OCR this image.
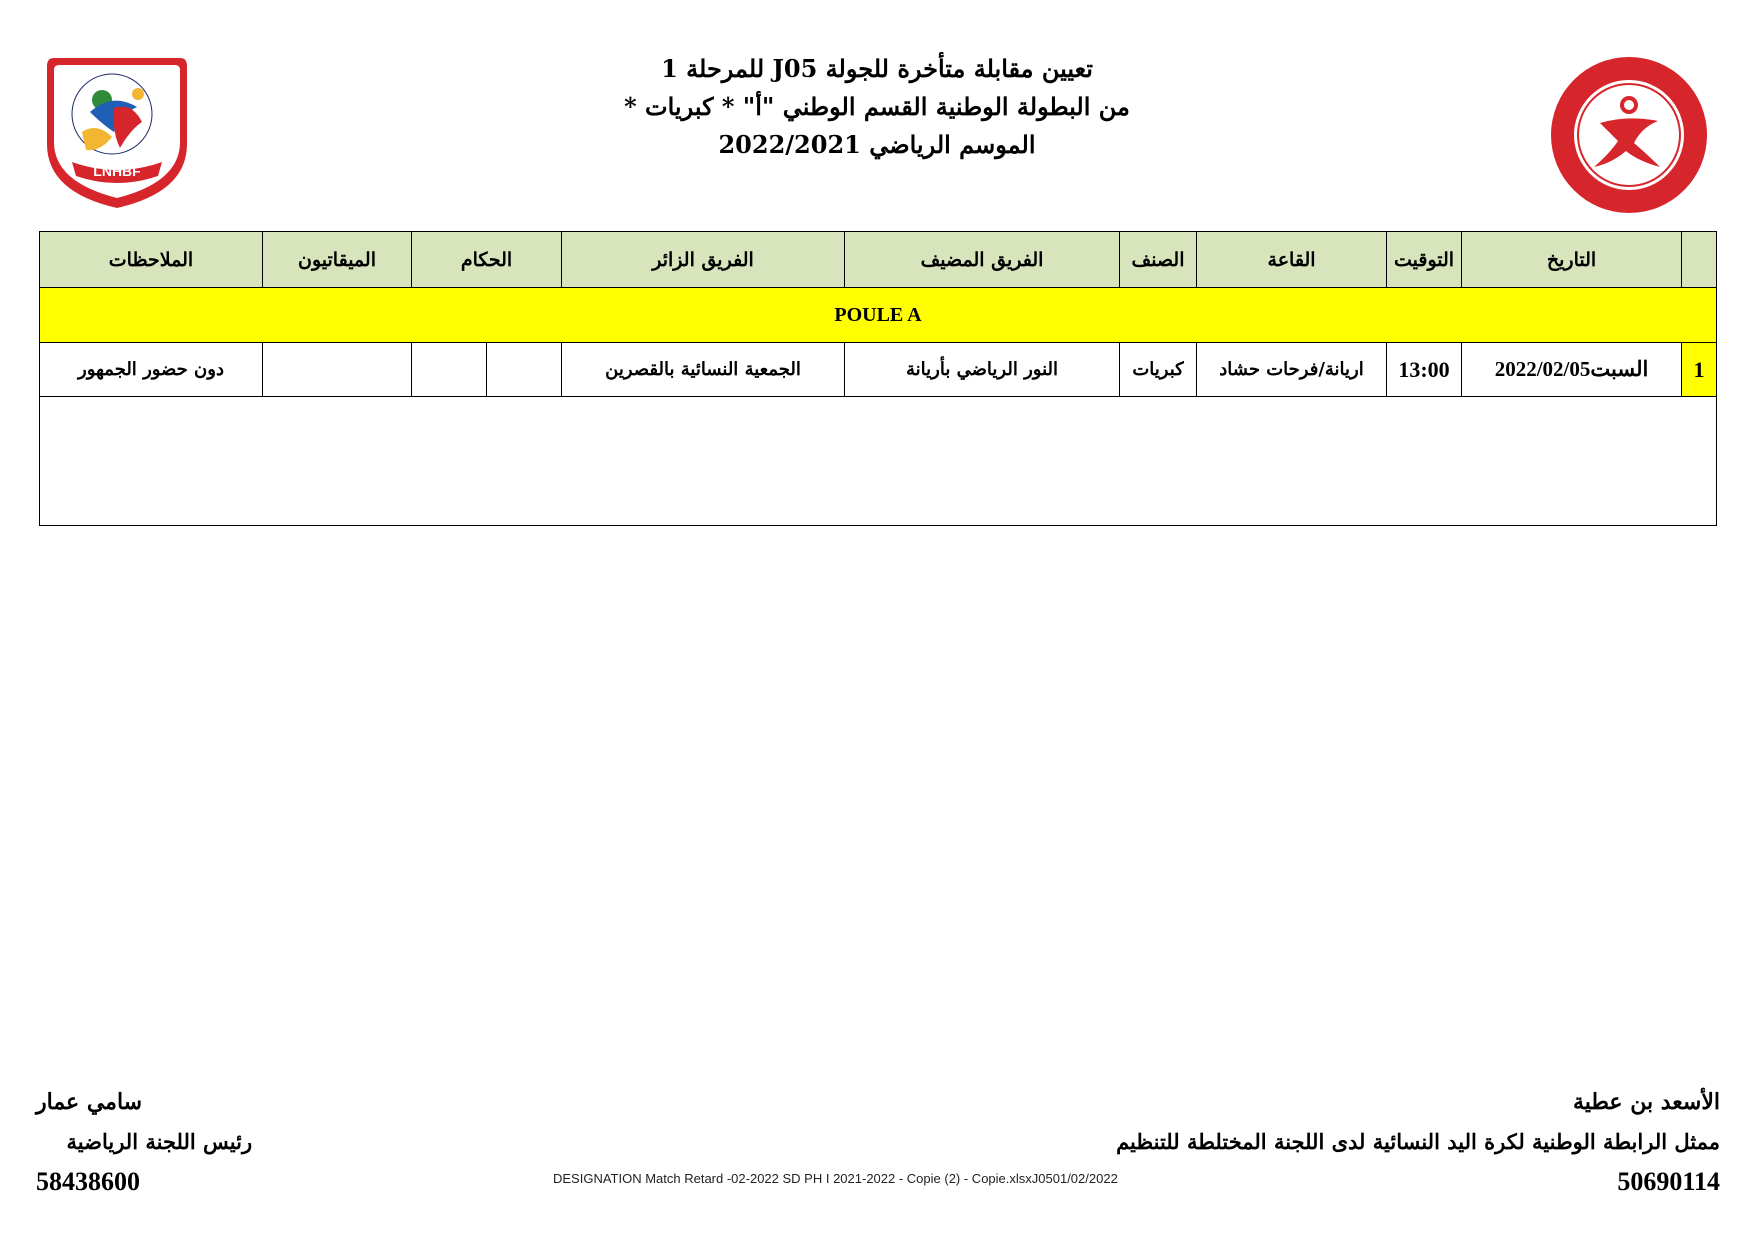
LNHBF
تعيين مقابلة متأخرة للجولة J05 للمرحلة 1
من البطولة الوطنية القسم الوطني "أ" * كبريات *
الموسم الرياضي 2022/2021
	التاريخ	التوقيت	القاعة	الصنف	الفريق المضيف	الفريق الزائر	الحكام		الميقاتيون	الملاحظات
POULE A										
1	السبت2022/02/05	13:00	اريانة/فرحات حشاد	كبريات	النور الرياضي بأريانة	الجمعية النسائية بالقصرين				دون حضور الجمهور

الأسعد بن عطية
ممثل الرابطة الوطنية لكرة اليد النسائية لدى اللجنة المختلطة للتنظيم
50690114
سامي عمار
رئيس اللجنة الرياضية
58438600	DESIGNATION Match Retard -02-2022 SD PH I 2021-2022 - Copie (2) - Copie.xlsxJ0501/02/2022
